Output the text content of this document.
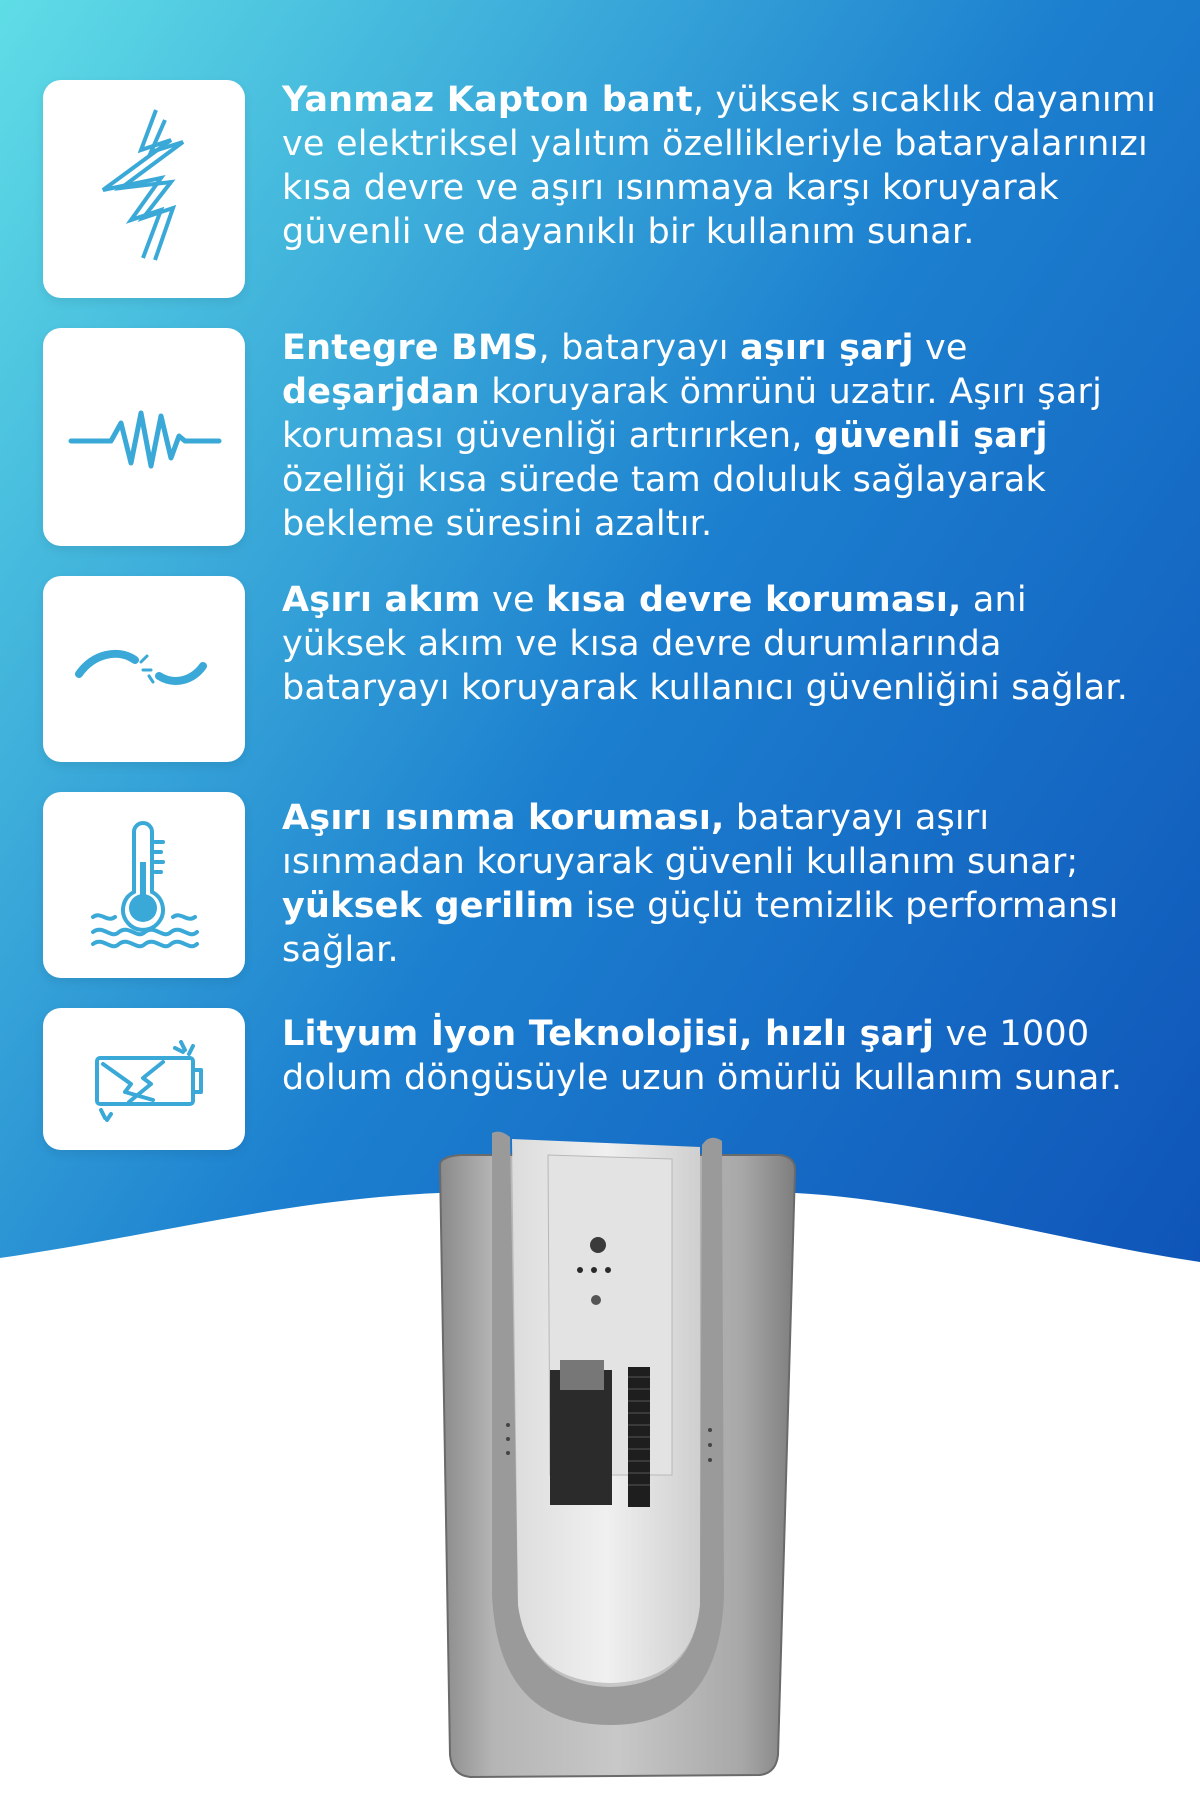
Yanmaz Kapton bant, yüksek sıcaklık dayanımı ve elektriksel yalıtım özellikleriyle bataryalarınızı kısa devre ve aşırı ısınmaya karşı koruyarak güvenli ve dayanıklı bir kullanım sunar.
Entegre BMS, bataryayı aşırı şarj ve deşarjdan koruyarak ömrünü uzatır. Aşırı şarj koruması güvenliği artırırken, güvenli şarj özelliği kısa sürede tam doluluk sağlayarak bekleme süresini azaltır.
Aşırı akım ve kısa devre koruması, ani yüksek akım ve kısa devre durumlarında bataryayı koruyarak kullanıcı güvenliğini sağlar.
Aşırı ısınma koruması, bataryayı aşırı ısınmadan koruyarak güvenli kullanım sunar; yüksek gerilim ise güçlü temizlik performansı sağlar.
Lityum İyon Teknolojisi, hızlı şarj ve 1000 dolum döngüsüyle uzun ömürlü kullanım sunar.
